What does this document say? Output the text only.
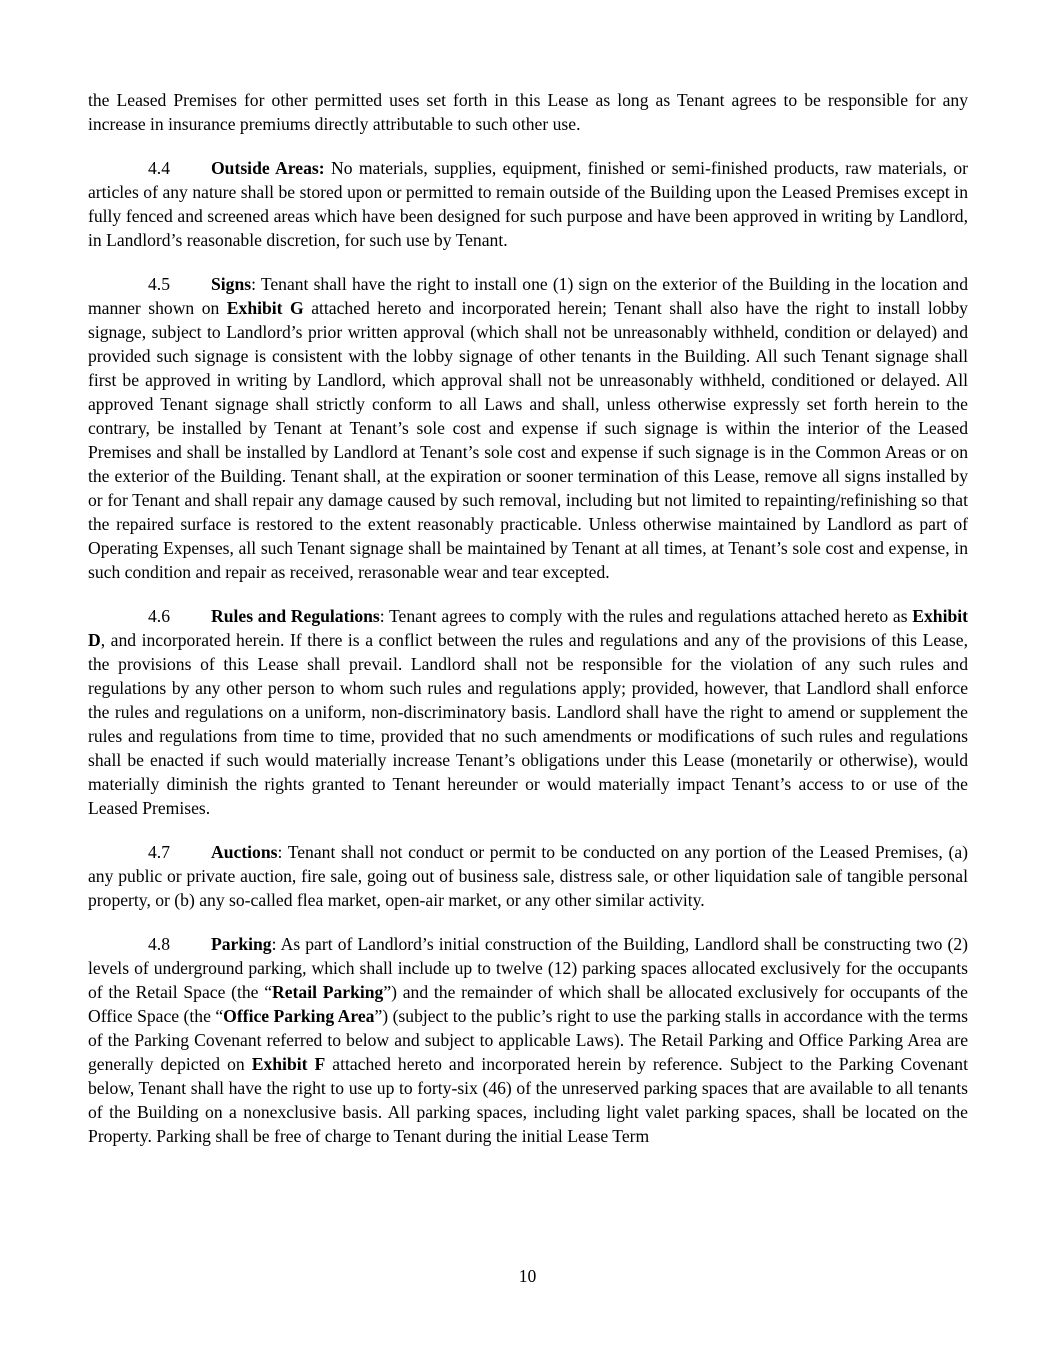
the Leased Premises for other permitted uses set forth in this Lease as long as Tenant agrees to be responsible for any increase in insurance premiums directly attributable to such other use.

4.4 Outside Areas: No materials, supplies, equipment, finished or semi-finished products, raw materials, or articles of any nature shall be stored upon or permitted to remain outside of the Building upon the Leased Premises except in fully fenced and screened areas which have been designed for such purpose and have been approved in writing by Landlord, in Landlord’s reasonable discretion, for such use by Tenant.

4.5 Signs: Tenant shall have the right to install one (1) sign on the exterior of the Building in the location and manner shown on Exhibit G attached hereto and incorporated herein; Tenant shall also have the right to install lobby signage, subject to Landlord’s prior written approval (which shall not be unreasonably withheld, condition or delayed) and provided such signage is consistent with the lobby signage of other tenants in the Building. All such Tenant signage shall first be approved in writing by Landlord, which approval shall not be unreasonably withheld, conditioned or delayed. All approved Tenant signage shall strictly conform to all Laws and shall, unless otherwise expressly set forth herein to the contrary, be installed by Tenant at Tenant’s sole cost and expense if such signage is within the interior of the Leased Premises and shall be installed by Landlord at Tenant’s sole cost and expense if such signage is in the Common Areas or on the exterior of the Building. Tenant shall, at the expiration or sooner termination of this Lease, remove all signs installed by or for Tenant and shall repair any damage caused by such removal, including but not limited to repainting/refinishing so that the repaired surface is restored to the extent reasonably practicable. Unless otherwise maintained by Landlord as part of Operating Expenses, all such Tenant signage shall be maintained by Tenant at all times, at Tenant’s sole cost and expense, in such condition and repair as received, rerasonable wear and tear excepted.

4.6 Rules and Regulations: Tenant agrees to comply with the rules and regulations attached hereto as Exhibit D, and incorporated herein. If there is a conflict between the rules and regulations and any of the provisions of this Lease, the provisions of this Lease shall prevail. Landlord shall not be responsible for the violation of any such rules and regulations by any other person to whom such rules and regulations apply; provided, however, that Landlord shall enforce the rules and regulations on a uniform, non-discriminatory basis. Landlord shall have the right to amend or supplement the rules and regulations from time to time, provided that no such amendments or modifications of such rules and regulations shall be enacted if such would materially increase Tenant’s obligations under this Lease (monetarily or otherwise), would materially diminish the rights granted to Tenant hereunder or would materially impact Tenant’s access to or use of the Leased Premises.

4.7 Auctions: Tenant shall not conduct or permit to be conducted on any portion of the Leased Premises, (a) any public or private auction, fire sale, going out of business sale, distress sale, or other liquidation sale of tangible personal property, or (b) any so-called flea market, open-air market, or any other similar activity.

4.8 Parking: As part of Landlord’s initial construction of the Building, Landlord shall be constructing two (2) levels of underground parking, which shall include up to twelve (12) parking spaces allocated exclusively for the occupants of the Retail Space (the “Retail Parking”) and the remainder of which shall be allocated exclusively for occupants of the Office Space (the “Office Parking Area”) (subject to the public’s right to use the parking stalls in accordance with the terms of the Parking Covenant referred to below and subject to applicable Laws). The Retail Parking and Office Parking Area are generally depicted on Exhibit F attached hereto and incorporated herein by reference. Subject to the Parking Covenant below, Tenant shall have the right to use up to forty-six (46) of the unreserved parking spaces that are available to all tenants of the Building on a nonexclusive basis. All parking spaces, including light valet parking spaces, shall be located on the Property. Parking shall be free of charge to Tenant during the initial Lease Term

10
